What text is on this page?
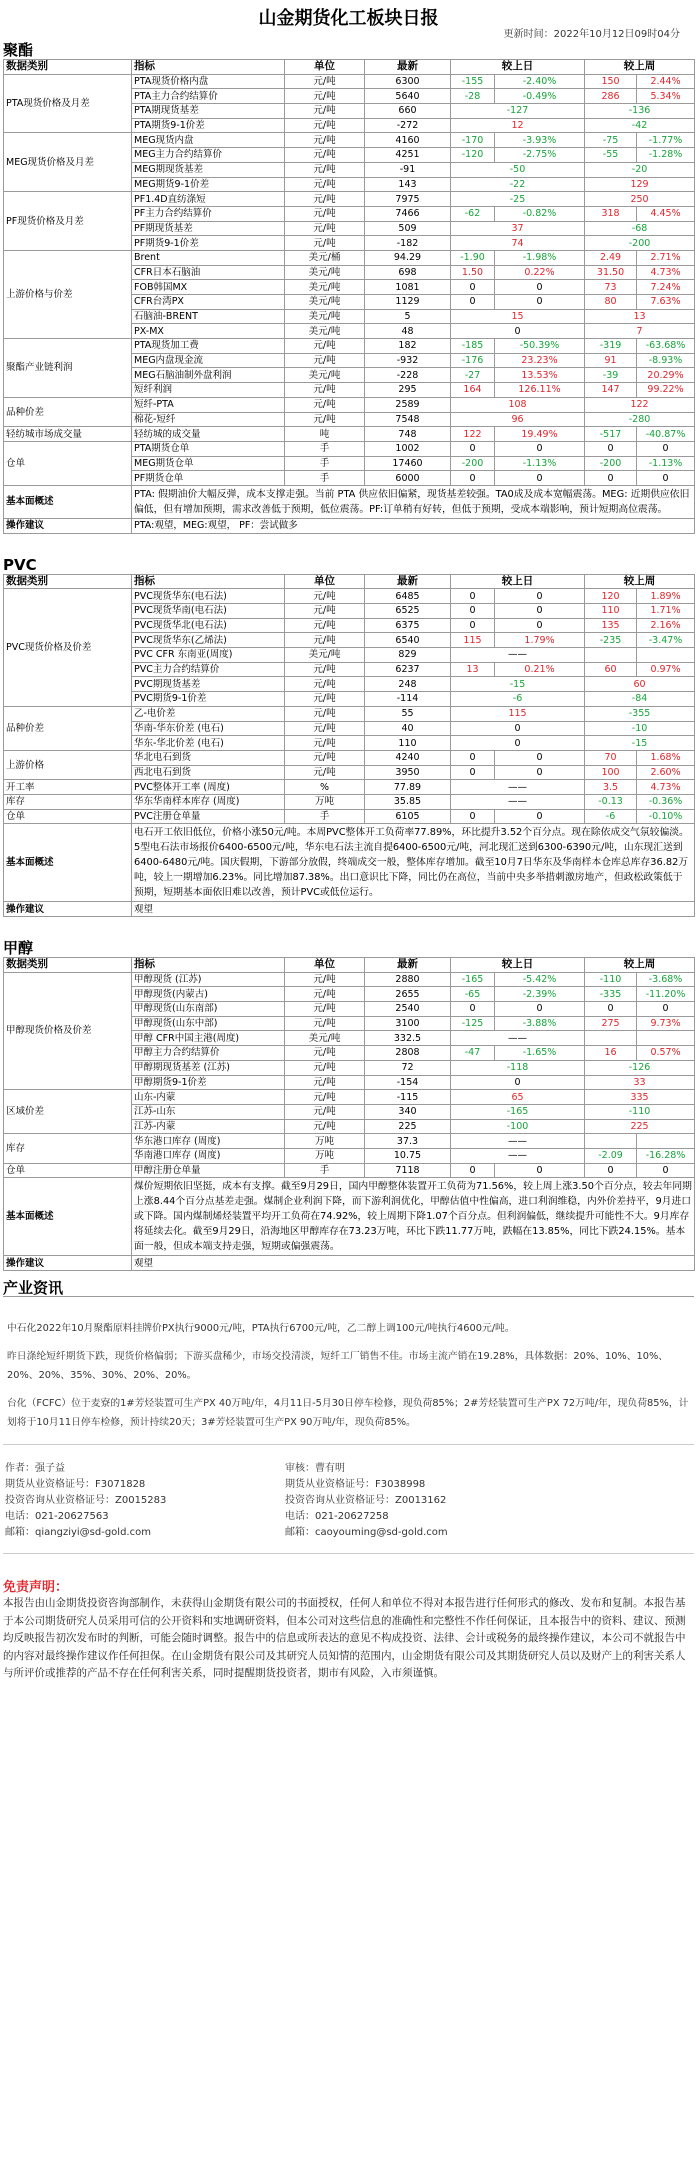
山金期货化工板块日报
更新时间：2022年10月12日09时04分
聚酯
数据类别	指标	单位	最新	较上日		较上周	
PTA现货价格及月差	PTA现货价格内盘	元/吨	6300	-155	-2.40%	150	2.44%
	PTA主力合约结算价	元/吨	5640	-28	-0.49%	286	5.34%
	PTA期现货基差	元/吨	660	-127		-136	
	PTA期货9-1价差	元/吨	-272	12		-42	
MEG现货价格及月差	MEG现货内盘	元/吨	4160	-170	-3.93%	-75	-1.77%
	MEG主力合约结算价	元/吨	4251	-120	-2.75%	-55	-1.28%
	MEG期现货基差	元/吨	-91	-50		-20	
	MEG期货9-1价差	元/吨	143	-22		129	
PF现货价格及月差	PF1.4D直纺涤短	元/吨	7975	-25		250	
	PF主力合约结算价	元/吨	7466	-62	-0.82%	318	4.45%
	PF期现货基差	元/吨	509	37		-68	
	PF期货9-1价差	元/吨	-182	74		-200	
上游价格与价差	Brent	美元/桶	94.29	-1.90	-1.98%	2.49	2.71%
	CFR日本石脑油	美元/吨	698	1.50	0.22%	31.50	4.73%
	FOB韩国MX	美元/吨	1081	0	0	73	7.24%
	CFR台湾PX	美元/吨	1129	0	0	80	7.63%
	石脑油-BRENT	美元/吨	5	15		13	
	PX-MX	美元/吨	48	0		7	
聚酯产业链利润	PTA现货加工费	元/吨	182	-185	-50.39%	-319	-63.68%
	MEG内盘现金流	元/吨	-932	-176	23.23%	91	-8.93%
	MEG石脑油制外盘利润	美元/吨	-228	-27	13.53%	-39	20.29%
	短纤利润	元/吨	295	164	126.11%	147	99.22%
品种价差	短纤-PTA	元/吨	2589	108		122	
	棉花-短纤	元/吨	7548	96		-280	
轻纺城市场成交量	轻纺城的成交量	吨	748	122	19.49%	-517	-40.87%
仓单	PTA期货仓单	手	1002	0	0	0	0
	MEG期货仓单	手	17460	-200	-1.13%	-200	-1.13%
	PF期货仓单	手	6000	0	0	0	0
基本面概述	PTA: 假期油价大幅反弹，成本支撑走强。当前 PTA 供应依旧偏紧，现货基差较强。TA0成及成本宽幅震荡。MEG: 近期供应依旧偏低，但有增加预期，需求改善低于预期，低位震荡。PF:订单稍有好转，但低于预期，受成本端影响，预计短期高位震荡。						
操作建议	PTA:观望，MEG:观望， PF：尝试做多						
PVC
数据类别	指标	单位	最新	较上日		较上周	
PVC现货价格及价差	PVC现货华东(电石法)	元/吨	6485	0	0	120	1.89%
	PVC现货华南(电石法)	元/吨	6525	0	0	110	1.71%
	PVC现货华北(电石法)	元/吨	6375	0	0	135	2.16%
	PVC现货华东(乙烯法)	元/吨	6540	115	1.79%	-235	-3.47%
	PVC CFR 东南亚(周度)	美元/吨	829	——			
	PVC主力合约结算价	元/吨	6237	13	0.21%	60	0.97%
	PVC期现货基差	元/吨	248	-15		60	
	PVC期货9-1价差	元/吨	-114	-6		-84	
品种价差	乙-电价差	元/吨	55	115		-355	
	华南-华东价差 (电石)	元/吨	40	0		-10	
	华东-华北价差 (电石)	元/吨	110	0		-15	
上游价格	华北电石到货	元/吨	4240	0	0	70	1.68%
	西北电石到货	元/吨	3950	0	0	100	2.60%
开工率	PVC整体开工率 (周度)	%	77.89	——		3.5	4.73%
库存	华东华南样本库存 (周度)	万吨	35.85	——		-0.13	-0.36%
仓单	PVC注册仓单量	手	6105	0	0	-6	-0.10%
基本面概述	电石开工依旧低位，价格小涨50元/吨。本周PVC整体开工负荷率77.89%，环比提升3.52个百分点。现在除依成交气氛较偏淡。5型电石法市场报价6400-6500元/吨，华东电石法主流自提6400-6500元/吨，河北现汇送到6300-6390元/吨，山东现汇送到6400-6480元/吨。国庆假期，下游部分放假，终端成交一般，整体库存增加。截至10月7日华东及华南样本仓库总库存36.82万吨，较上一期增加6.23%。同比增加87.38%。出口意识比下降，同比仍在高位，当前中央多举措刺激房地产，但政松政策低于预期，短期基本面依旧难以改善，预计PVC或低位运行。						
操作建议	观望						
甲醇
数据类别	指标	单位	最新	较上日		较上周	
甲醇现货价格及价差	甲醇现货 (江苏)	元/吨	2880	-165	-5.42%	-110	-3.68%
	甲醇现货(内蒙古)	元/吨	2655	-65	-2.39%	-335	-11.20%
	甲醇现货(山东南部)	元/吨	2540	0	0	0	0
	甲醇现货(山东中部)	元/吨	3100	-125	-3.88%	275	9.73%
	甲醇 CFR中国主港(周度)	美元/吨	332.5	——			
	甲醇主力合约结算价	元/吨	2808	-47	-1.65%	16	0.57%
	甲醇期现货基差 (江苏)	元/吨	72	-118		-126	
	甲醇期货9-1价差	元/吨	-154	0		33	
区域价差	山东-内蒙	元/吨	-115	65		335	
	江苏-山东	元/吨	340	-165		-110	
	江苏-内蒙	元/吨	225	-100		225	
库存	华东港口库存 (周度)	万吨	37.3	——			
	华南港口库存 (周度)	万吨	10.75	——		-2.09	-16.28%
仓单	甲醇注册仓单量	手	7118	0	0	0	0
基本面概述	煤价短期依旧坚挺，成本有支撑。截至9月29日，国内甲醇整体装置开工负荷为71.56%，较上周上涨3.50个百分点，较去年同期上涨8.44个百分点基差走强。煤制企业利润下降，而下游利润优化，甲醇估值中性偏高，进口利润维稳，内外价差持平，9月进口或下降。国内煤制烯烃装置平均开工负荷在74.92%，较上周期下降1.07个百分点。但利润偏低，继续提升可能性不大。9月库存将延续去化。截至9月29日，沿海地区甲醇库存在73.23万吨，环比下跌11.77万吨，跌幅在13.85%，同比下跌24.15%。基本面一般，但成本端支持走强，短期或偏强震荡。						
操作建议	观望						
产业资讯

中石化2022年10月聚酯原料挂牌价PX执行9000元/吨，PTA执行6700元/吨，乙二醇上调100元/吨执行4600元/吨。

昨日涤纶短纤期货下跌，现货价格偏弱；下游买盘稀少，市场交投清淡，短纤工厂销售不佳。市场主流产销在19.28%，具体数据：20%、10%、10%、20%、20%、35%、30%、20%、20%。

台化（FCFC）位于麦寮的1#芳烃装置可生产PX 40万吨/年，4月11日-5月30日停车检修，现负荷85%；2#芳烃装置可生产PX 72万吨/年，现负荷85%，计划将于10月11日停车检修，预计持续20天；3#芳烃装置可生产PX 90万吨/年，现负荷85%。

作者：强子益
期货从业资格证号：F3071828
投资咨询从业资格证号：Z0015283
电话：021-20627563
邮箱：qiangziyi@sd-gold.com
审核：曹有明
期货从业资格证号：F3038998
投资咨询从业资格证号：Z0013162
电话：021-20627258
邮箱：caoyouming@sd-gold.com
免责声明：
本报告由山金期货投资咨询部制作，未获得山金期货有限公司的书面授权，任何人和单位不得对本报告进行任何形式的修改、发布和复制。本报告基于本公司期货研究人员采用可信的公开资料和实地调研资料，但本公司对这些信息的准确性和完整性不作任何保证，且本报告中的资料、建议、预测均反映报告初次发布时的判断，可能会随时调整。报告中的信息或所表达的意见不构成投资、法律、会计或税务的最终操作建议，本公司不就报告中的内容对最终操作建议作任何担保。在山金期货有限公司及其研究人员知情的范围内，山金期货有限公司及其期货研究人员以及财产上的利害关系人与所评价或推荐的产品不存在任何利害关系，同时提醒期货投资者，期市有风险，入市须谨慎。
